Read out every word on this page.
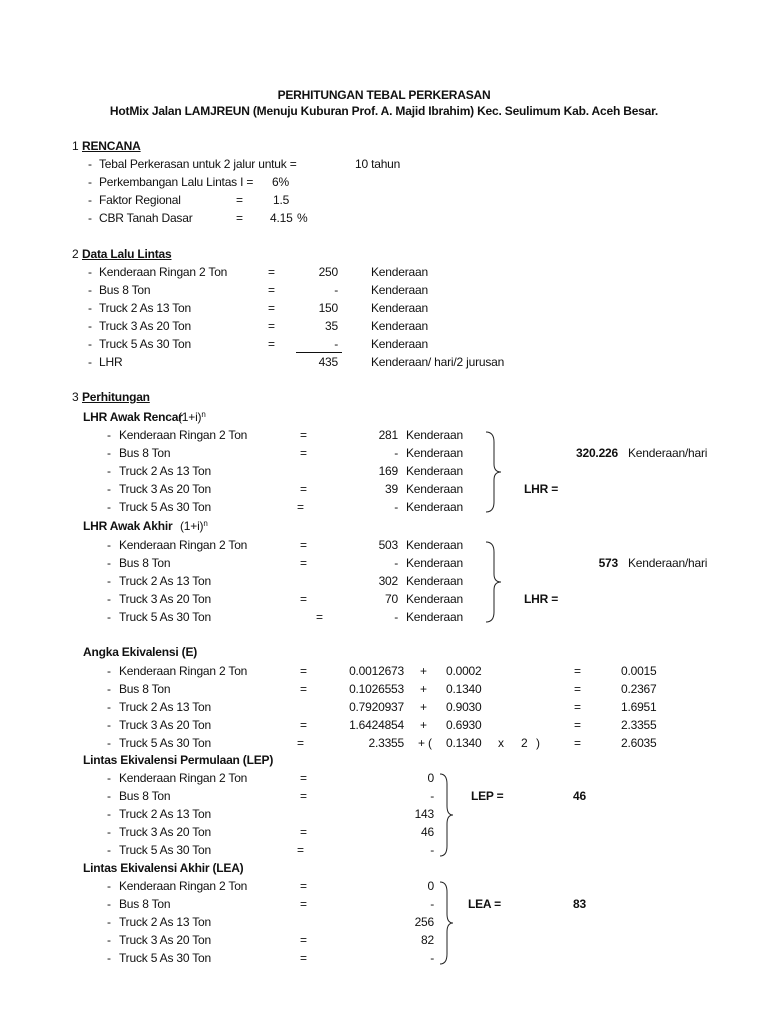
PERHITUNGAN TEBAL PERKERASAN
HotMix Jalan LAMJREUN (Menuju Kuburan Prof. A. Majid Ibrahim) Kec. Seulimum Kab. Aceh Besar.
1 RENCANA
- Tebal Perkerasan untuk 2 jalur untuk =	10 tahun
- Perkembangan Lalu Lintas I = 6%
- Faktor Regional	=	1.5
- CBR Tanah Dasar	= 4.15 %
2 Data Lalu Lintas
- Kenderaan Ringan 2 Ton	=	250	Kenderaan
- Bus 8 Ton	=	-	Kenderaan
- Truck 2 As 13 Ton	=	150	Kenderaan
- Truck 3 As 20 Ton	=	35	Kenderaan
- Truck 5 As 30 Ton	=	-	Kenderaan
- LHR	435	Kenderaan/ hari/2 jurusan
3 Perhitungan
LHR Awak Rencar
$(1+i)^n$
- Kenderaan Ringan 2 Ton	=	281 Kenderaan
- Bus 8 Ton	=	- Kenderaan
- Truck 2 As 13 Ton	169 Kenderaan
- Truck 3 As 20 Ton	=	39 Kenderaan
- Truck 5 As 30 Ton	=	- Kenderaan
LHR =
320.226 Kenderaan/hari
LHR Awak Akhir $(1+i)^n$
- Kenderaan Ringan 2 Ton	=	503 Kenderaan
- Bus 8 Ton	=	- Kenderaan
- Truck 2 As 13 Ton	302 Kenderaan
- Truck 3 As 20 Ton	=	70 Kenderaan
- Truck 5 As 30 Ton	=	- Kenderaan
LHR =
573 Kenderaan/hari
Angka Ekivalensi (E)
- Kenderaan Ringan 2 Ton	=	0.0012673 + 0.0002	=	0.0015
- Bus 8 Ton	=	0.1026553 + 0.1340	=	0.2367
- Truck 2 As 13 Ton	0.7920937 + 0.9030	=	1.6951
- Truck 3 As 20 Ton	=	1.6424854 + 0.6930	=	2.3355
- Truck 5 As 30 Ton	=	2.3355 + ( 0.1340 x 2 )	=	2.6035
Lintas Ekivalensi Permulaan (LEP)
- Kenderaan Ringan 2 Ton	=	0
- Bus 8 Ton	=	-
- Truck 2 As 13 Ton	143
- Truck 3 As 20 Ton	=	46
- Truck 5 As 30 Ton	=	-
LEP =	46
Lintas Ekivalensi Akhir (LEA)
- Kenderaan Ringan 2 Ton	=	0
- Bus 8 Ton	=	-
- Truck 2 As 13 Ton	256
- Truck 3 As 20 Ton	=	82
- Truck 5 As 30 Ton	=	-
LEA =	83
